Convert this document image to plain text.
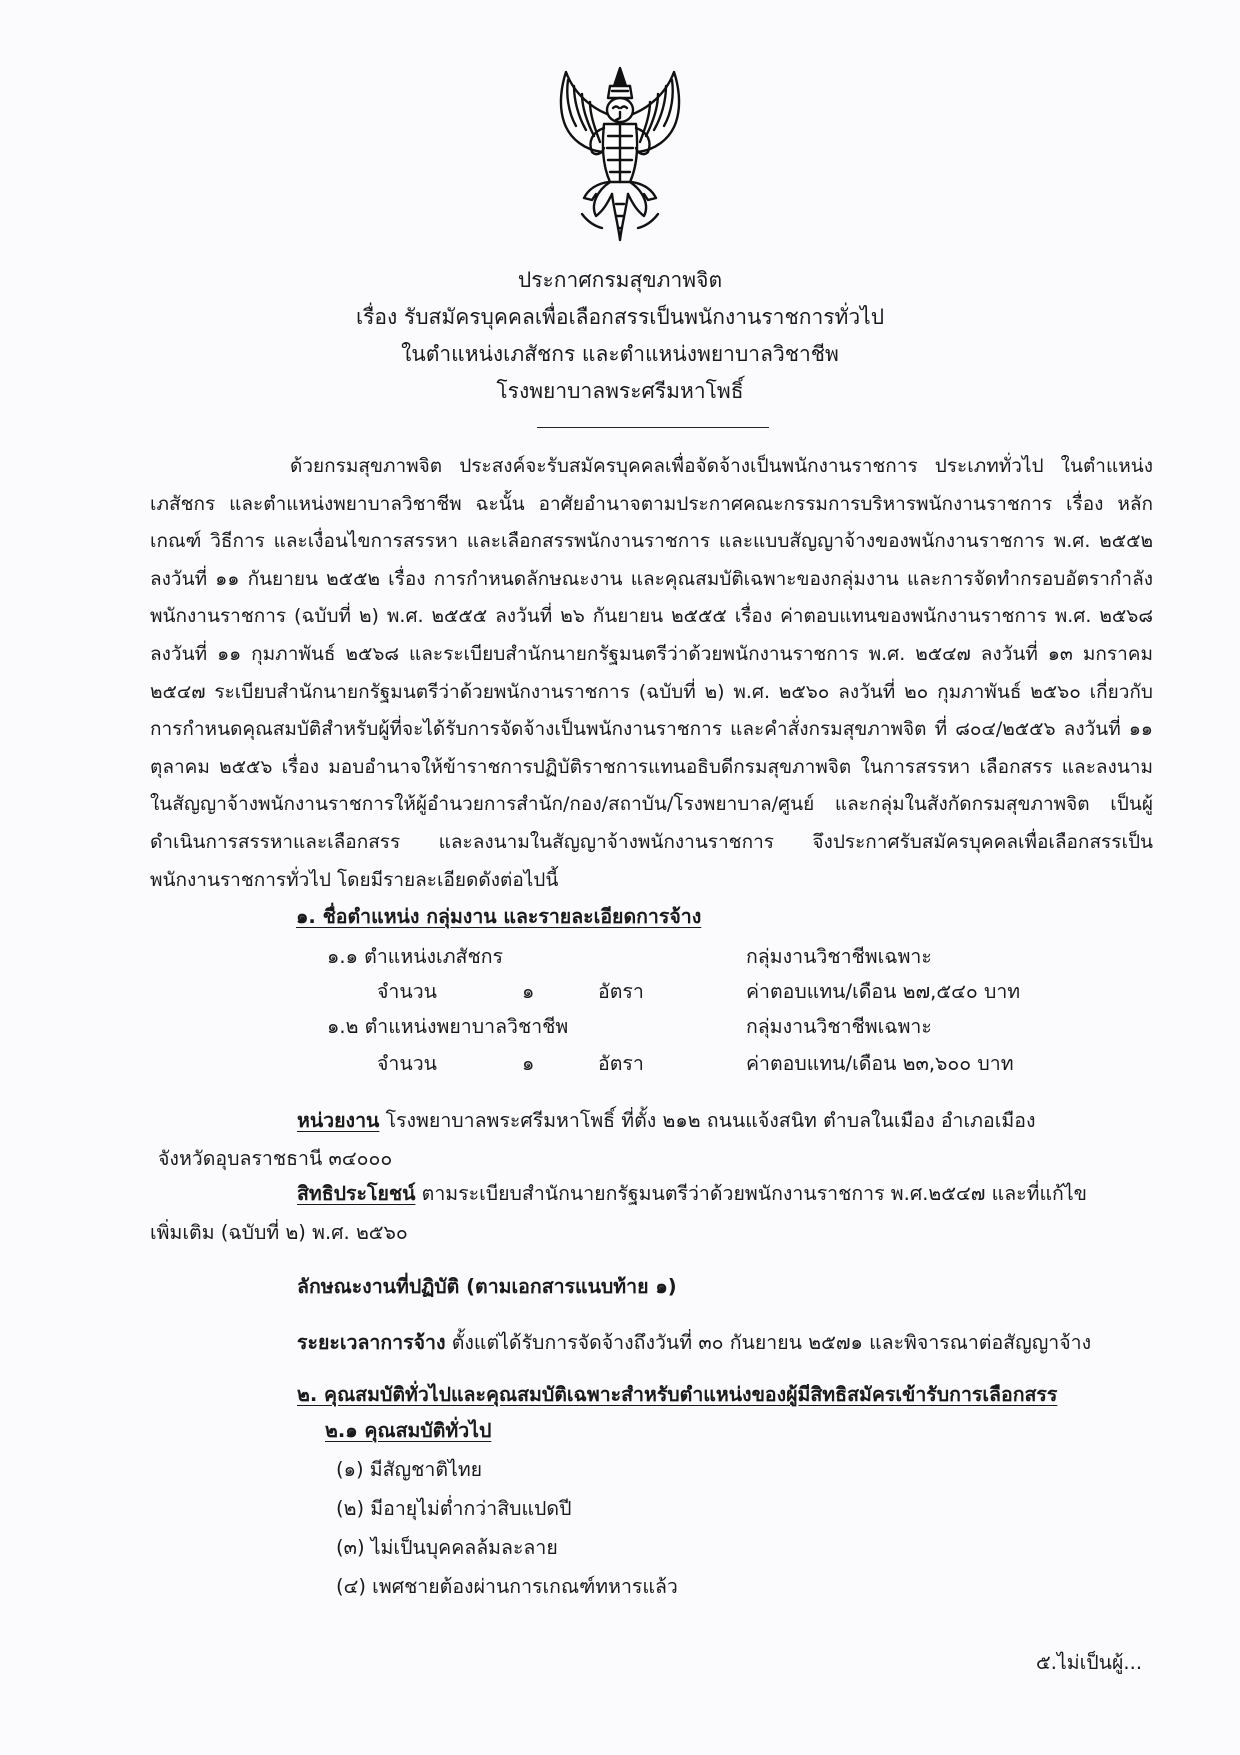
ประกาศกรมสุขภาพจิต
เรื่อง รับสมัครบุคคลเพื่อเลือกสรรเป็นพนักงานราชการทั่วไป
ในตำแหน่งเภสัชกร และตำแหน่งพยาบาลวิชาชีพ
โรงพยาบาลพระศรีมหาโพธิ์
ด้วยกรมสุขภาพจิต ประสงค์จะรับสมัครบุคคลเพื่อจัดจ้างเป็นพนักงานราชการ ประเภททั่วไป ในตำแหน่งเภสัชกร และตำแหน่งพยาบาลวิชาชีพ ฉะนั้น อาศัยอำนาจตามประกาศคณะกรรมการบริหารพนักงานราชการ เรื่อง หลักเกณฑ์ วิธีการ และเงื่อนไขการสรรหา และเลือกสรรพนักงานราชการ และแบบสัญญาจ้างของพนักงานราชการ พ.ศ. ๒๕๕๒ ลงวันที่ ๑๑ กันยายน ๒๕๕๒ เรื่อง การกำหนดลักษณะงาน และคุณสมบัติเฉพาะของกลุ่มงาน และการจัดทำกรอบอัตรากำลังพนักงานราชการ (ฉบับที่ ๒) พ.ศ. ๒๕๕๕ ลงวันที่ ๒๖ กันยายน ๒๕๕๕ เรื่อง ค่าตอบแทนของพนักงานราชการ พ.ศ. ๒๕๖๘ ลงวันที่ ๑๑ กุมภาพันธ์ ๒๕๖๘ และระเบียบสำนักนายกรัฐมนตรีว่าด้วยพนักงานราชการ พ.ศ. ๒๕๔๗ ลงวันที่ ๑๓ มกราคม ๒๕๔๗ ระเบียบสำนักนายกรัฐมนตรีว่าด้วยพนักงานราชการ (ฉบับที่ ๒) พ.ศ. ๒๕๖๐ ลงวันที่ ๒๐ กุมภาพันธ์ ๒๕๖๐ เกี่ยวกับการกำหนดคุณสมบัติสำหรับผู้ที่จะได้รับการจัดจ้างเป็นพนักงานราชการ และคำสั่งกรมสุขภาพจิต ที่ ๘๐๔/๒๕๕๖ ลงวันที่ ๑๑ ตุลาคม ๒๕๕๖ เรื่อง มอบอำนาจให้ข้าราชการปฏิบัติราชการแทนอธิบดีกรมสุขภาพจิต ในการสรรหา เลือกสรร และลงนามในสัญญาจ้างพนักงานราชการให้ผู้อำนวยการสำนัก/กอง/สถาบัน/โรงพยาบาล/ศูนย์ และกลุ่มในสังกัดกรมสุขภาพจิต เป็นผู้ดำเนินการสรรหาและเลือกสรร และลงนามในสัญญาจ้างพนักงานราชการ จึงประกาศรับสมัครบุคคลเพื่อเลือกสรรเป็นพนักงานราชการทั่วไป โดยมีรายละเอียดดังต่อไปนี้
๑. ชื่อตำแหน่ง กลุ่มงาน และรายละเอียดการจ้าง
๑.๑ ตำแหน่งเภสัชกร	กลุ่มงานวิชาชีพเฉพาะ
จำนวน	๑	อัตรา	ค่าตอบแทน/เดือน ๒๗,๕๔๐ บาท
๑.๒ ตำแหน่งพยาบาลวิชาชีพ	กลุ่มงานวิชาชีพเฉพาะ
จำนวน	๑	อัตรา	ค่าตอบแทน/เดือน ๒๓,๖๐๐ บาท
หน่วยงาน โรงพยาบาลพระศรีมหาโพธิ์ ที่ตั้ง ๒๑๒ ถนนแจ้งสนิท ตำบลในเมือง อำเภอเมือง
จังหวัดอุบลราชธานี ๓๔๐๐๐
สิทธิประโยชน์ ตามระเบียบสำนักนายกรัฐมนตรีว่าด้วยพนักงานราชการ พ.ศ.๒๕๔๗ และที่แก้ไข
เพิ่มเติม (ฉบับที่ ๒) พ.ศ. ๒๕๖๐
ลักษณะงานที่ปฏิบัติ (ตามเอกสารแนบท้าย ๑)
ระยะเวลาการจ้าง ตั้งแต่ได้รับการจัดจ้างถึงวันที่ ๓๐ กันยายน ๒๕๗๑ และพิจารณาต่อสัญญาจ้าง
๒. คุณสมบัติทั่วไปและคุณสมบัติเฉพาะสำหรับตำแหน่งของผู้มีสิทธิสมัครเข้ารับการเลือกสรร
๒.๑ คุณสมบัติทั่วไป
(๑) มีสัญชาติไทย
(๒) มีอายุไม่ต่ำกว่าสิบแปดปี
(๓) ไม่เป็นบุคคลล้มละลาย
(๔) เพศชายต้องผ่านการเกณฑ์ทหารแล้ว
๕.ไม่เป็นผู้...
